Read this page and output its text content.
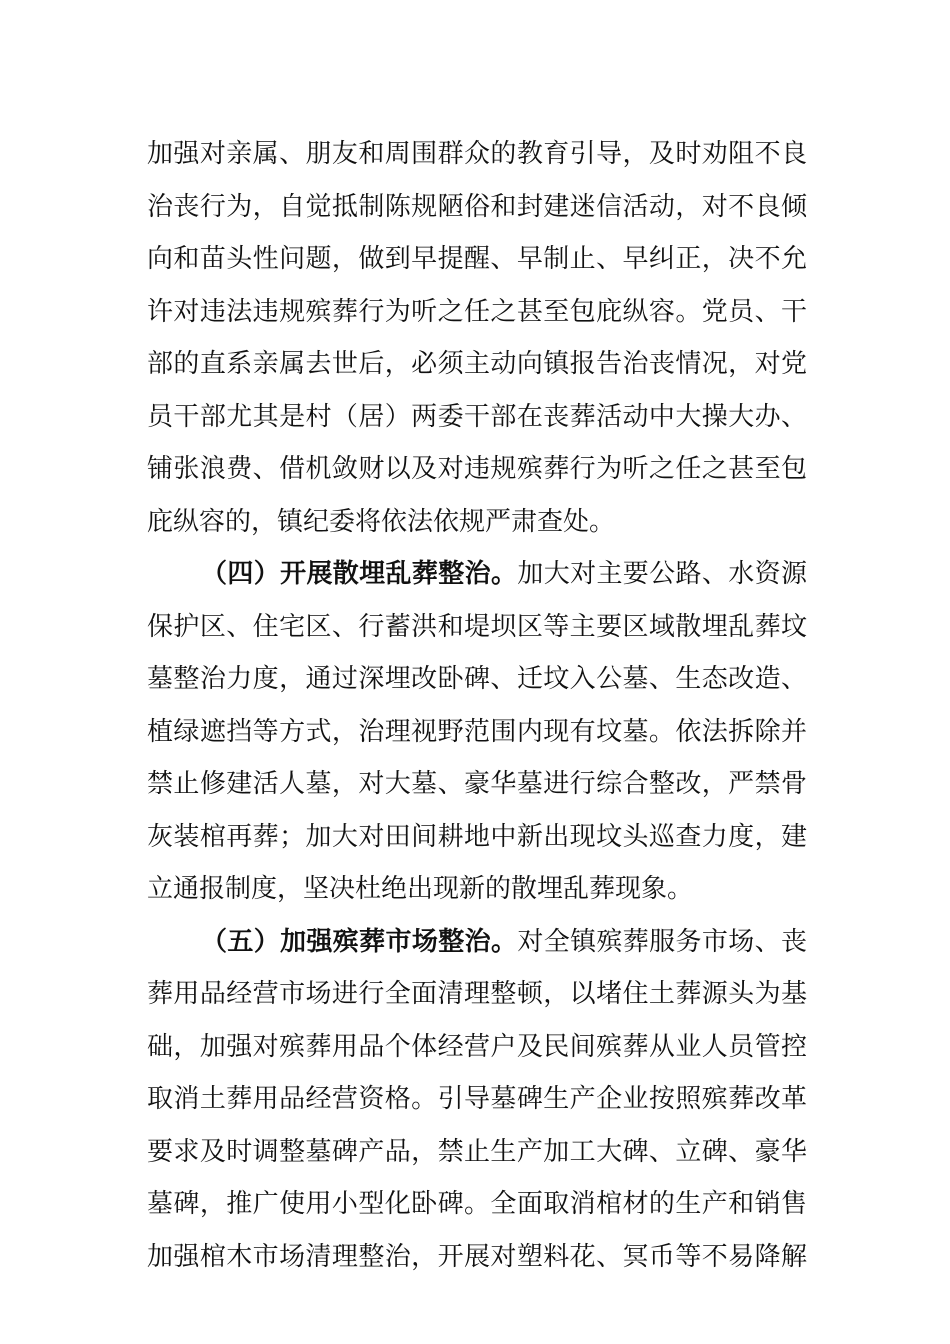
加强对亲属、朋友和周围群众的教育引导，及时劝阻不良
治丧行为，自觉抵制陈规陋俗和封建迷信活动，对不良倾
向和苗头性问题，做到早提醒、早制止、早纠正，决不允
许对违法违规殡葬行为听之任之甚至包庇纵容。党员、干
部的直系亲属去世后，必须主动向镇报告治丧情况，对党
员干部尤其是村（居）两委干部在丧葬活动中大操大办、
铺张浪费、借机敛财以及对违规殡葬行为听之任之甚至包
庇纵容的，镇纪委将依法依规严肃查处。
（四）开展散埋乱葬整治。加大对主要公路、水资源
保护区、住宅区、行蓄洪和堤坝区等主要区域散埋乱葬坟
墓整治力度，通过深埋改卧碑、迁坟入公墓、生态改造、
植绿遮挡等方式，治理视野范围内现有坟墓。依法拆除并
禁止修建活人墓，对大墓、豪华墓进行综合整改，严禁骨
灰装棺再葬；加大对田间耕地中新出现坟头巡查力度，建
立通报制度，坚决杜绝出现新的散埋乱葬现象。
（五）加强殡葬市场整治。对全镇殡葬服务市场、丧
葬用品经营市场进行全面清理整顿，以堵住土葬源头为基
础，加强对殡葬用品个体经营户及民间殡葬从业人员管控
取消土葬用品经营资格。引导墓碑生产企业按照殡葬改革
要求及时调整墓碑产品，禁止生产加工大碑、立碑、豪华
墓碑，推广使用小型化卧碑。全面取消棺材的生产和销售
加强棺木市场清理整治，开展对塑料花、冥币等不易降解
